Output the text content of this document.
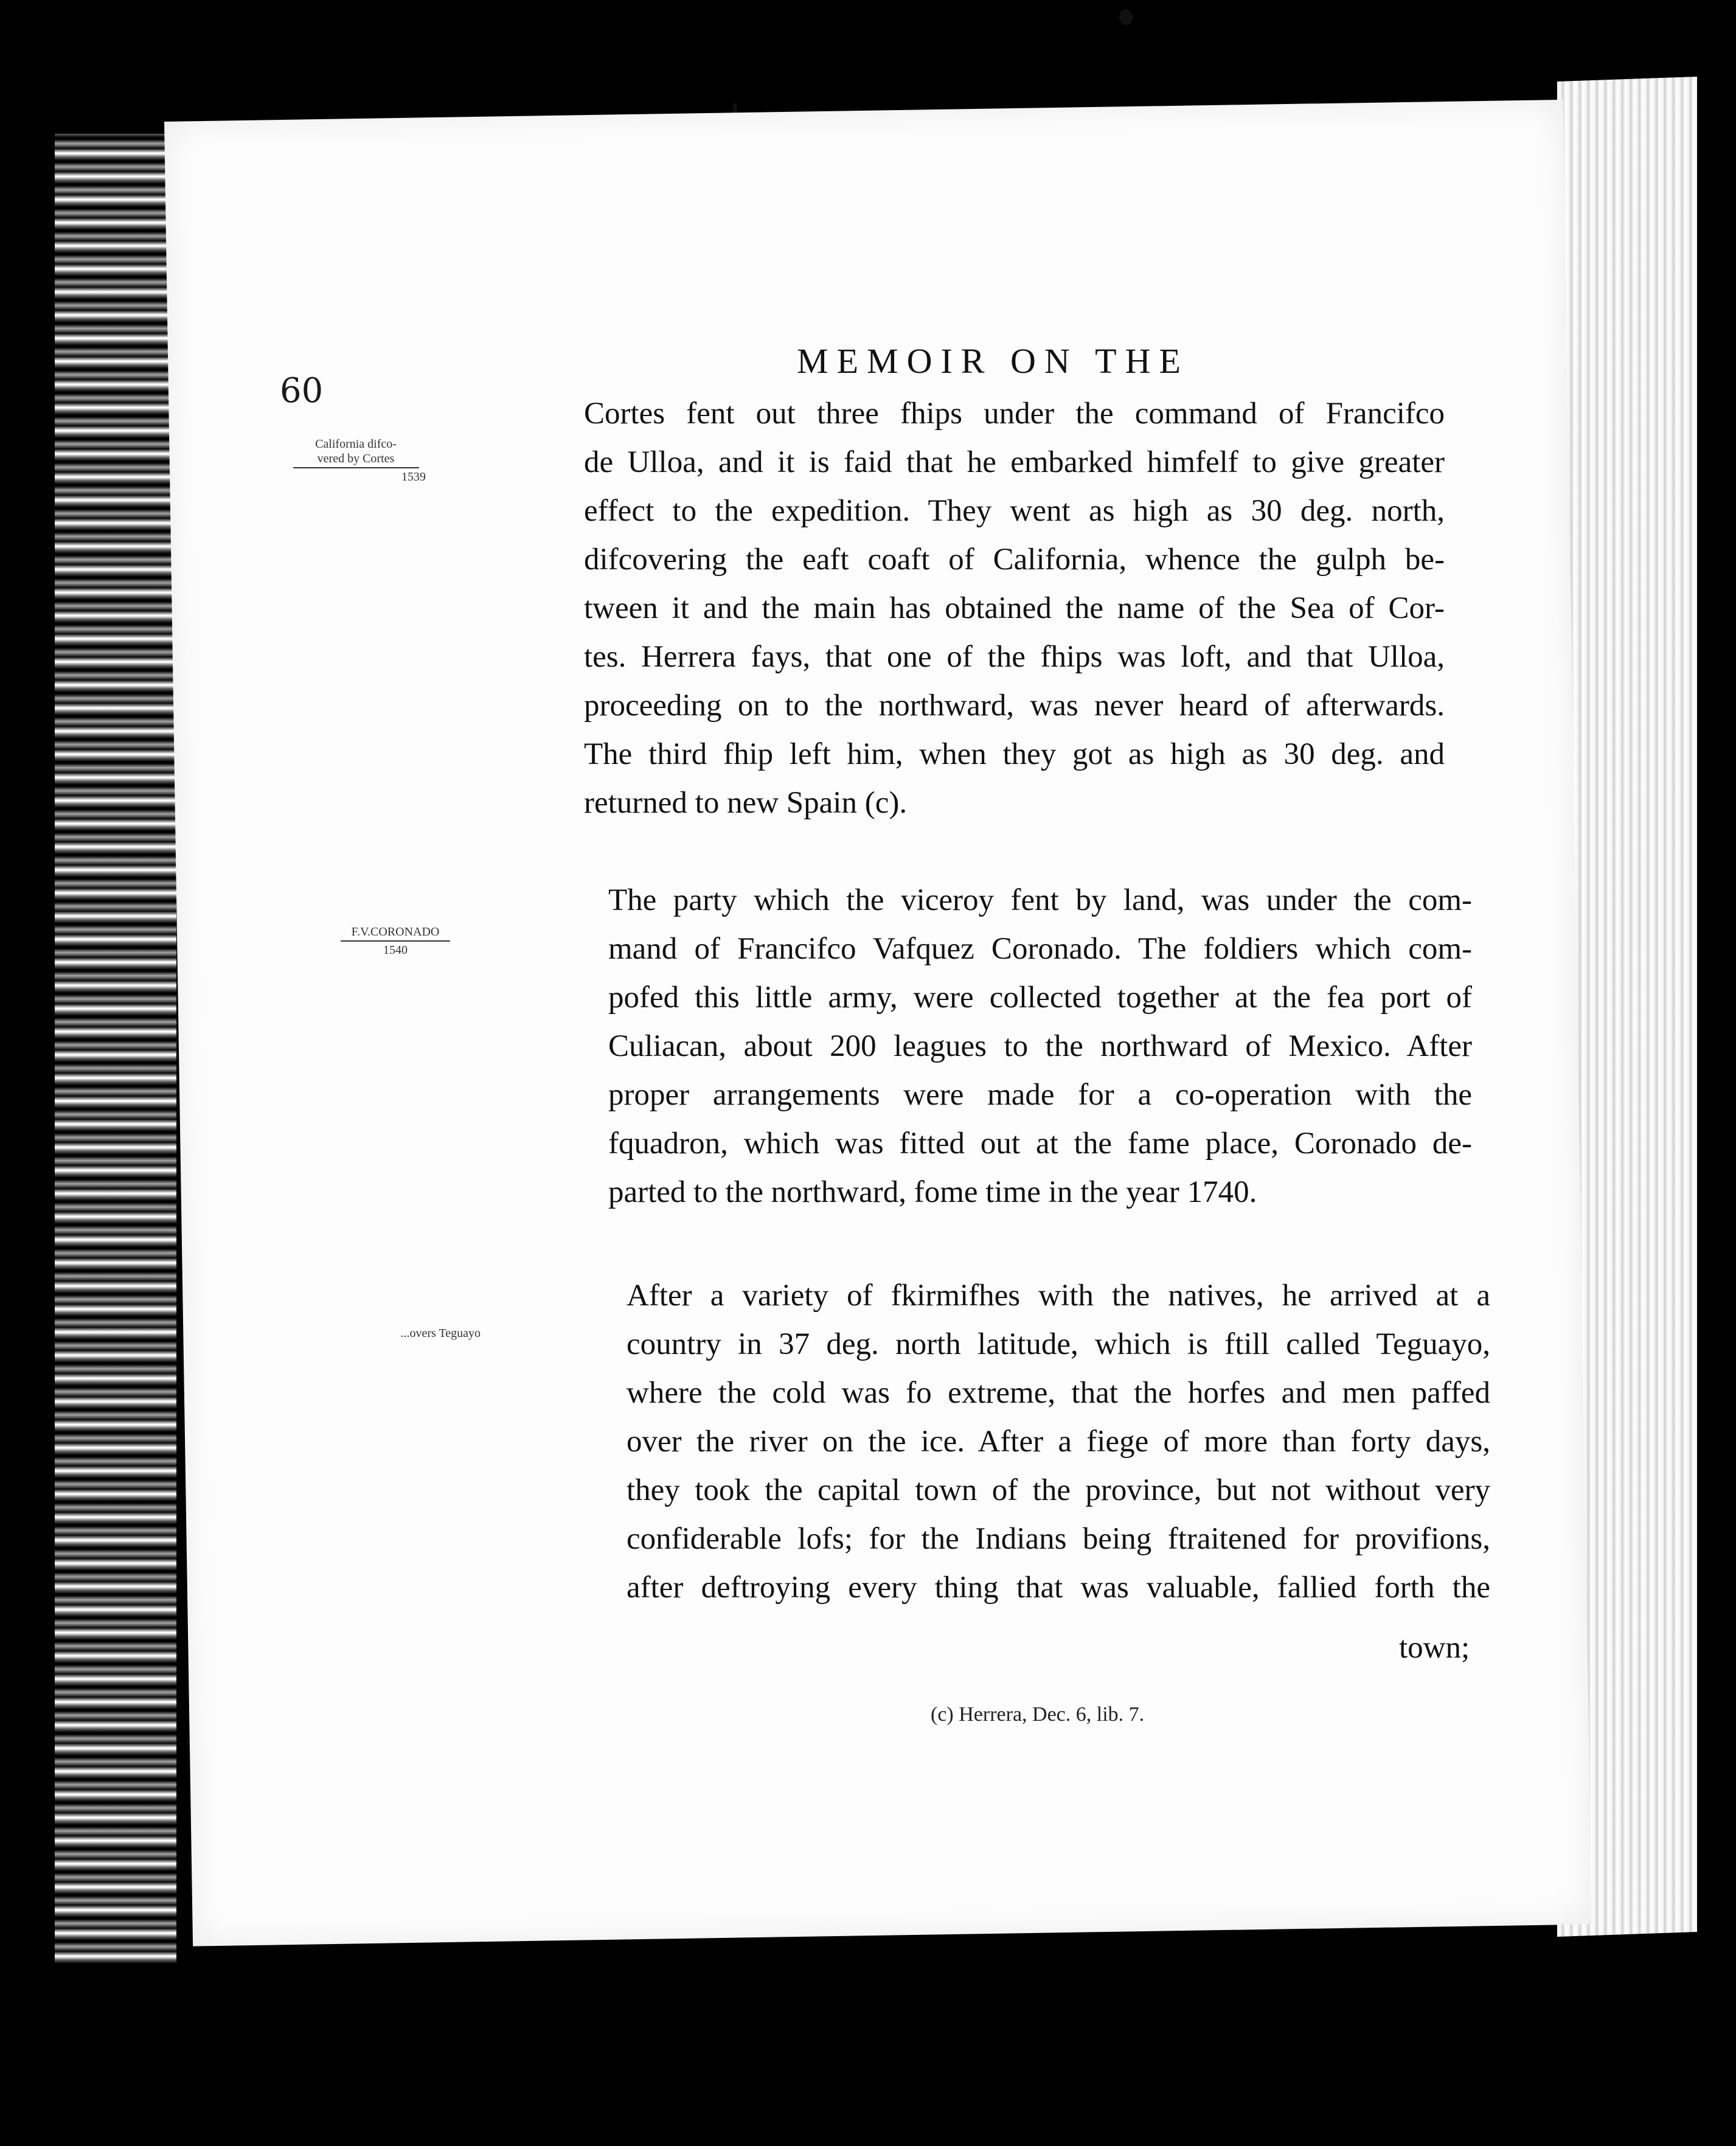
60
MEMOIR ON THE
California difco-
vered by Cortes
1539
F.V.CORONADO
1540
...overs Teguayo
Cortes fent out three fhips under the command of Francifco
de Ulloa, and it is faid that he embarked himfelf to give greater
effect to the expedition. They went as high as 30 deg. north,
difcovering the eaft coaft of California, whence the gulph be-
tween it and the main has obtained the name of the Sea of Cor-
tes. Herrera fays, that one of the fhips was loft, and that Ulloa,
proceeding on to the northward, was never heard of afterwards.
The third fhip left him, when they got as high as 30 deg. and
returned to new Spain (c).
The party which the viceroy fent by land, was under the com-
mand of Francifco Vafquez Coronado. The foldiers which com-
pofed this little army, were collected together at the fea port of
Culiacan, about 200 leagues to the northward of Mexico. After
proper arrangements were made for a co-operation with the
fquadron, which was fitted out at the fame place, Coronado de-
parted to the northward, fome time in the year 1740.
After a variety of fkirmifhes with the natives, he arrived at a
country in 37 deg. north latitude, which is ftill called Teguayo,
where the cold was fo extreme, that the horfes and men paffed
over the river on the ice. After a fiege of more than forty days,
they took the capital town of the province, but not without very
confiderable lofs; for the Indians being ftraitened for provifions,
after deftroying every thing that was valuable, fallied forth the
town;
(c) Herrera, Dec. 6, lib. 7.
